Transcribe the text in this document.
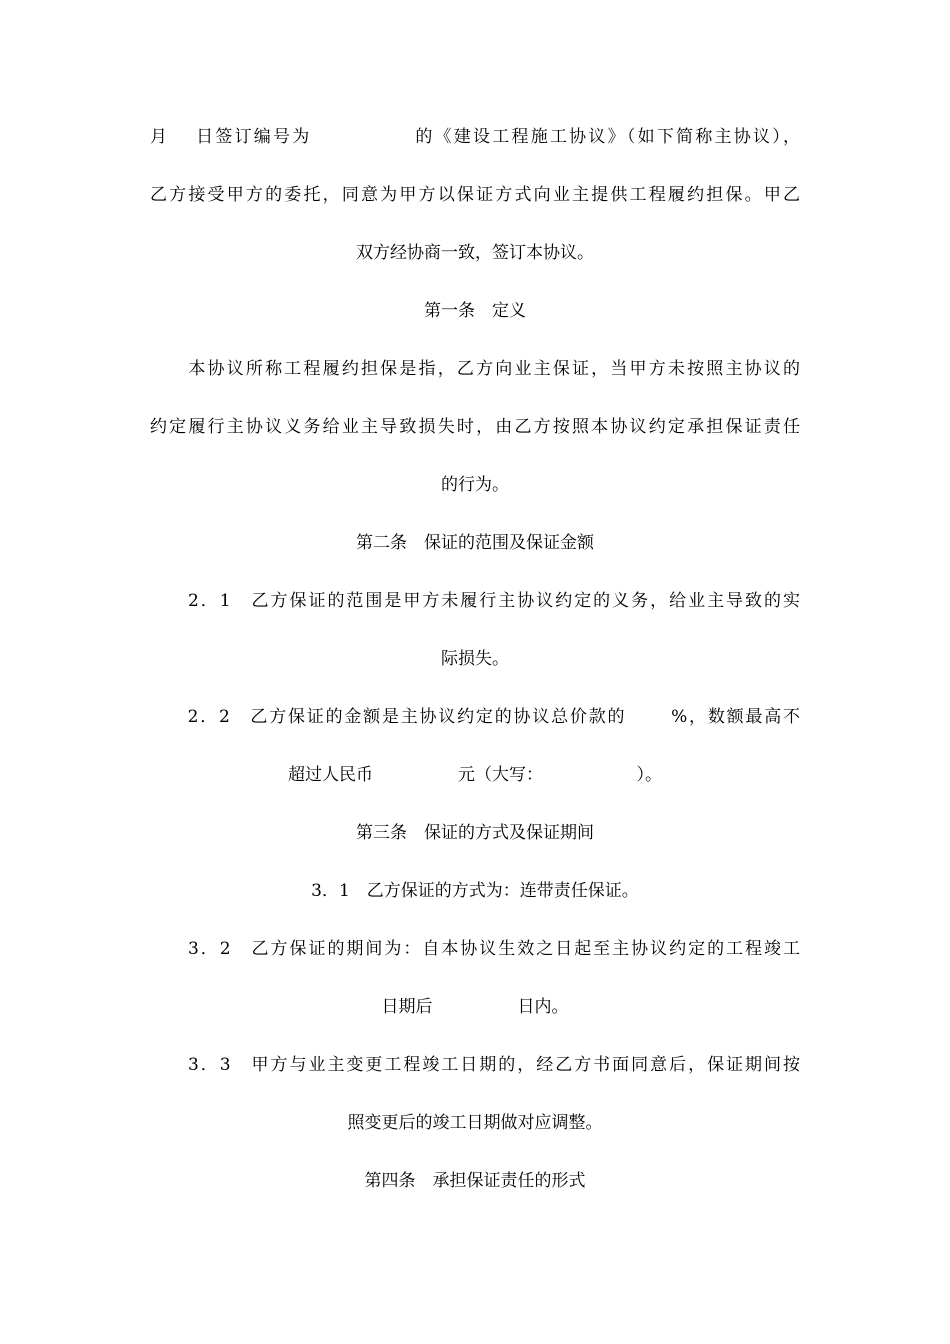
月　 日签订编号为　　　　　 的《建设工程施工协议》（如下简称主协议），
乙方接受甲方的委托，同意为甲方以保证方式向业主提供工程履约担保。甲乙
双方经协商一致，签订本协议。
第一条　定义
　　本协议所称工程履约担保是指，乙方向业主保证，当甲方未按照主协议的
约定履行主协议义务给业主导致损失时，由乙方按照本协议约定承担保证责任
的行为。
第二条　保证的范围及保证金额
　　2．1　乙方保证的范围是甲方未履行主协议约定的义务，给业主导致的实
际损失。
　　2．2　乙方保证的金额是主协议约定的协议总价款的　　 %，数额最高不
超过人民币　　　　　元（大写：　　　　　　）。
第三条　保证的方式及保证期间
3．1　乙方保证的方式为：连带责任保证。
　　3．2　乙方保证的期间为：自本协议生效之日起至主协议约定的工程竣工
日期后　　　　　日内。
　　3．3　甲方与业主变更工程竣工日期的，经乙方书面同意后，保证期间按
照变更后的竣工日期做对应调整。
第四条　承担保证责任的形式
